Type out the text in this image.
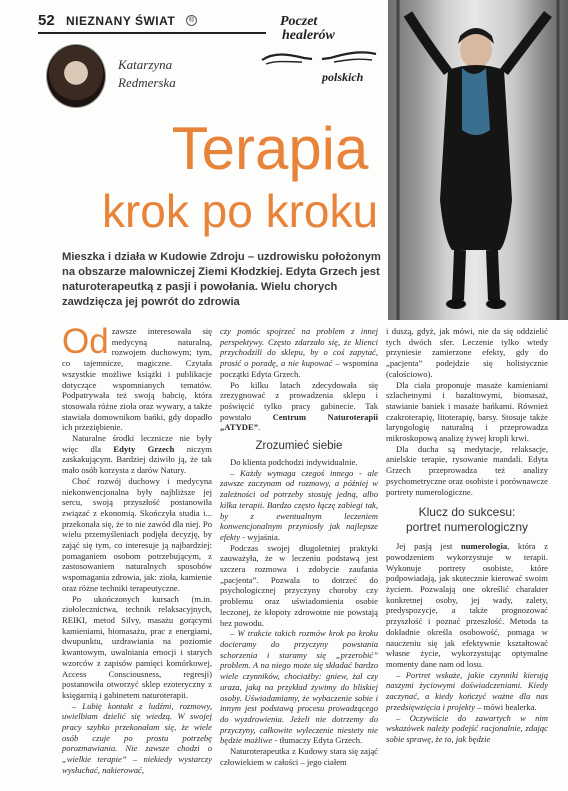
52 NIEZNANY ŚWIAT	®
Katarzyna
Redmerska
Poczet
healerów
polskich
Terapia
krok po kroku
Mieszka i działa w Kudowie Zdroju – uzdrowisku położonym na obszarze malowniczej Ziemi Kłodzkiej. Edyta Grzech jest naturoterapeutką z pasji i powołania. Wielu chorych zawdzięcza jej powrót do zdrowia

Od zawsze interesowała się medycyną naturalną, rozwojem duchowym; tym, co tajemnicze, magiczne. Czytała wszystkie możliwe książki i publikacje dotyczące wspomnianych tematów. Podpatrywała też swoją babcię, która stosowała różne zioła oraz wywary, a także stawiała domownikom bańki, gdy dopadło ich przeziębienie.

Naturalne środki lecznicze nie były więc dla Edyty Grzech niczym zaskakującym. Bardziej dziwiło ją, że tak mało osób korzysta z darów Natury.

Choć rozwój duchowy i medycyna niekonwencjonalna były najbliższe jej sercu, swoją przyszłość postanowiła związać z ekonomią. Skończyła studia i... przekonała się, że to nie zawód dla niej. Po wielu przemyśleniach podjęła decyzję, by zająć się tym, co interesuje ją najbardziej: pomaganiem osobom potrzebującym, z zastosowaniem naturalnych sposobów wspomagania zdrowia, jak: zioła, kamienie oraz różne techniki terapeutyczne.

Po ukończonych kursach (m.in. ziołolecznictwa, technik relaksacyjnych, REIKI, metod Silvy, masażu gorącymi kamieniami, biomasażu, prac z energiami, dwupunktu, uzdrawiania na poziomie kwantowym, uwalniania emocji i starych wzorców z zapisów pamięci komórkowej, Access Consciousness, regresji) postanowiła otworzyć sklep ezoteryczny z księgarnią i gabinetem naturoterapii.

– Lubię kontakt z ludźmi, rozmowy, uwielbiam dzielić się wiedzą. W swojej pracy szybko przekonałam się, że wiele osób czuje po prostu potrzebę porozmawiania. Nie zawsze chodzi o „wielkie terapie” – niekiedy wystarczy wysłuchać, nakierować,

czy pomóc spojrzeć na problem z innej perspektywy. Często zdarzało się, że klienci przychodzili do sklepu, by o coś zapytać, prosić o poradę, a nie kupować – wspomina początki Edyta Grzech.

Po kilku latach zdecydowała się zrezygnować z prowadzenia sklepu i poświęcić tylko pracy gabinecie. Tak powstało Centrum Naturoterapii „ATYDE”.

Zrozumieć siebie

Do klienta podchodzi indywidualnie.

– Każdy wymaga czegoś innego - ale zawsze zaczynam od rozmowy, a później w zależności od potrzeby stosuję jedną, albo kilka terapii. Bardzo często łączę zabiegi tak, by z ewentualnym leczeniem konwencjonalnym przyniosły jak najlepsze efekty - wyjaśnia.

Podczas swojej długoletniej praktyki zauważyła, że w leczeniu podstawą jest szczera rozmowa i zdobycie zaufania „pacjenta”. Pozwala to dotrzeć do psychologicznej przyczyny choroby czy problemu oraz uświadomienia osobie leczonej, że kłopoty zdrowotne nie powstają bez powodu.

– W trakcie takich rozmów krok po kroku docieramy do przyczyny powstania schorzenia i staramy się „przerobić” problem. A na niego może się składać bardzo wiele czynników, chociażby: gniew, żal czy uraza, jaką na przykład żywimy do bliskiej osoby. Uświadamiamy, że wybaczenie sobie i innym jest podstawą procesu prowadzącego do wyzdrowienia. Jeżeli nie dotrzemy do przyczyny, całkowite wyleczenie niestety nie będzie możliwe - tłumaczy Edyta Grzech.

Naturoterapeutka z Kudowy stara się zająć człowiekiem w całości – jego ciałem

i duszą, gdyż, jak mówi, nie da się oddzielić tych dwóch sfer. Leczenie tylko wtedy przyniesie zamierzone efekty, gdy do „pacjenta” podejdzie się holistycznie (całościowo).

Dla ciała proponuje masaże kamieniami szlachetnymi i bazaltowymi, biomasaż, stawianie baniek i masaże bańkami. Również czakroterapię, litoterapię, barsy. Stosuje także laryngologię naturalną i przeprowadza mikroskopową analizę żywej kropli krwi.

Dla ducha są medytacje, relaksacje, anielskie terapie, rysowanie mandali. Edyta Grzech przeprowadza też analizy psychometryczne oraz osobiste i porównawcze portrety numerologiczne.

Klucz do sukcesu:
portret numerologiczny

Jej pasją jest numerologia, która z powodzeniem wykorzystuje w terapii. Wykonuje portrety osobiste, które podpowiadają, jak skutecznie kierować swoim życiem. Pozwalają one określić charakter konkretnej osoby, jej wady, zalety, predyspozycje, a także prognozować przyszłość i poznać przeszłość. Metoda ta dokładnie określa osobowość, pomaga w nauczeniu się jak efektywnie kształtować własne życie, wykorzystując optymalne momenty dane nam od losu.

– Portret wskaże, jakie czynniki kierują naszymi życiowymi doświadczeniami. Kiedy zaczynać, a kiedy kończyć ważne dla nas przedsięwzięcia i projekty – mówi healerka.

– Oczywiście do zawartych w nim wskazówek należy podejść racjonalnie, zdając sobie sprawę, że to, jak będzie
